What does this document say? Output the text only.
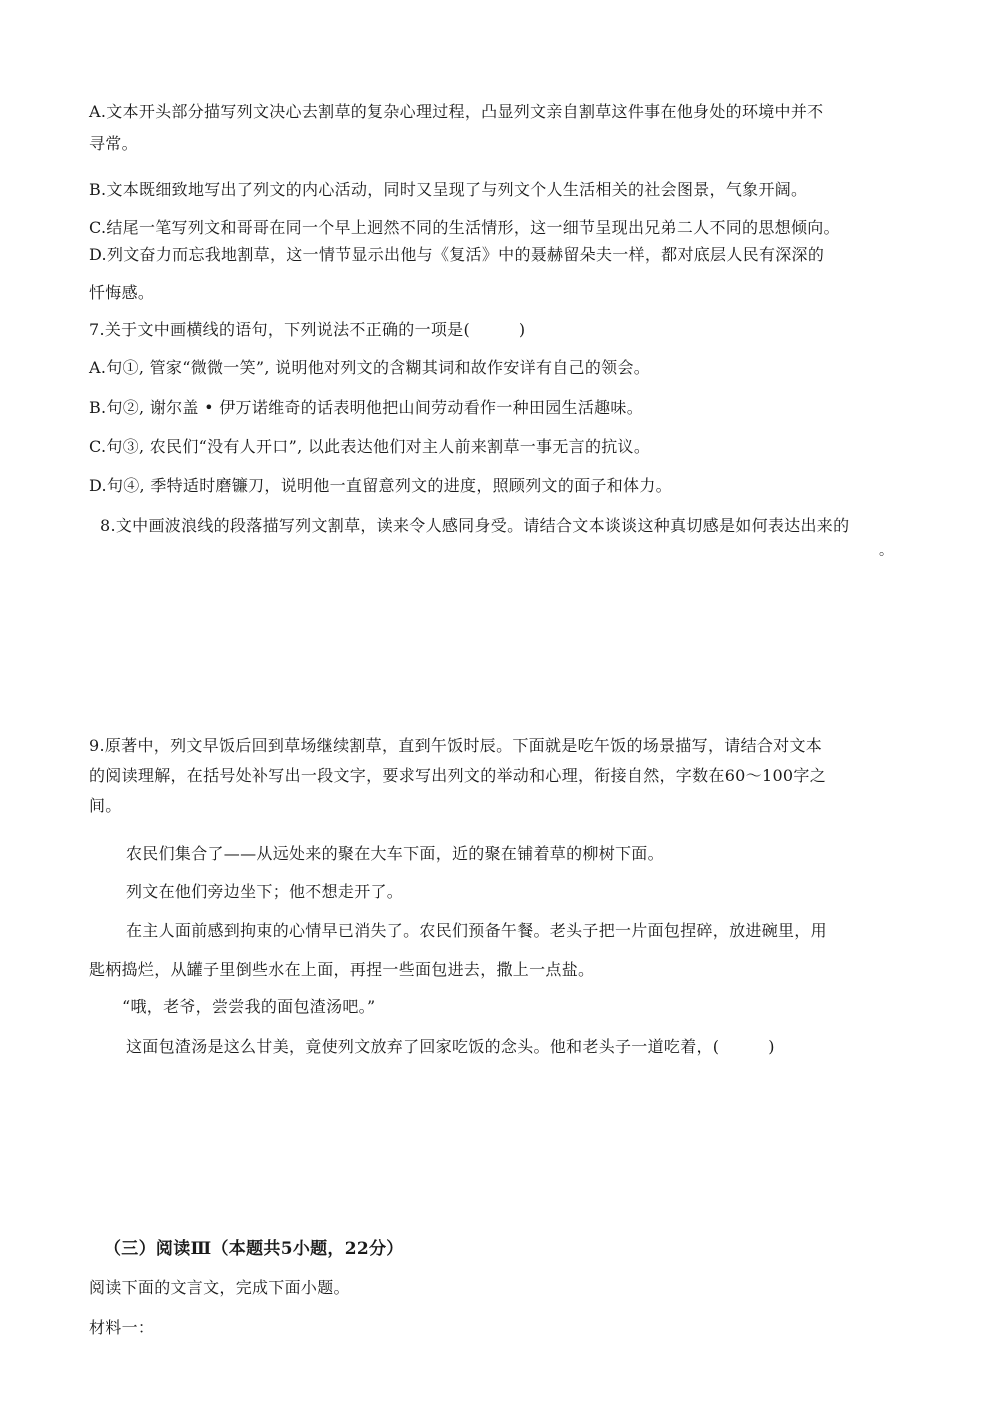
A.文本开头部分描写列文决心去割草的复杂心理过程，凸显列文亲自割草这件事在他身处的环境中并不
寻常。
B.文本既细致地写出了列文的内心活动，同时又呈现了与列文个人生活相关的社会图景，气象开阔。
C.结尾一笔写列文和哥哥在同一个早上迥然不同的生活情形，这一细节呈现出兄弟二人不同的思想倾向。
D.列文奋力而忘我地割草，这一情节显示出他与《复活》中的聂赫留朵夫一样，都对底层人民有深深的
忏悔感。
7.关于文中画横线的语句，下列说法不正确的一项是(　　　)
A.句①, 管家“微微一笑”, 说明他对列文的含糊其词和故作安详有自己的领会。
B.句②, 谢尔盖 • 伊万诺维奇的话表明他把山间劳动看作一种田园生活趣味。
C.句③, 农民们“没有人开口”, 以此表达他们对主人前来割草一事无言的抗议。
D.句④, 季特适时磨镰刀，说明他一直留意列文的进度，照顾列文的面子和体力。
8.文中画波浪线的段落描写列文割草，读来令人感同身受。请结合文本谈谈这种真切感是如何表达出来的
。
9.原著中，列文早饭后回到草场继续割草，直到午饭时辰。下面就是吃午饭的场景描写，请结合对文本
的阅读理解，在括号处补写出一段文字，要求写出列文的举动和心理，衔接自然，字数在60～100字之
间。
农民们集合了——从远处来的聚在大车下面，近的聚在铺着草的柳树下面。
列文在他们旁边坐下；他不想走开了。
在主人面前感到拘束的心情早已消失了。农民们预备午餐。老头子把一片面包捏碎，放进碗里，用
匙柄捣烂，从罐子里倒些水在上面，再捏一些面包进去，撒上一点盐。
“哦，老爷，尝尝我的面包渣汤吧。”
这面包渣汤是这么甘美，竟使列文放弃了回家吃饭的念头。他和老头子一道吃着，(　　　)
（三）阅读Ⅲ（本题共5小题，22分）
阅读下面的文言文，完成下面小题。
材料一：
